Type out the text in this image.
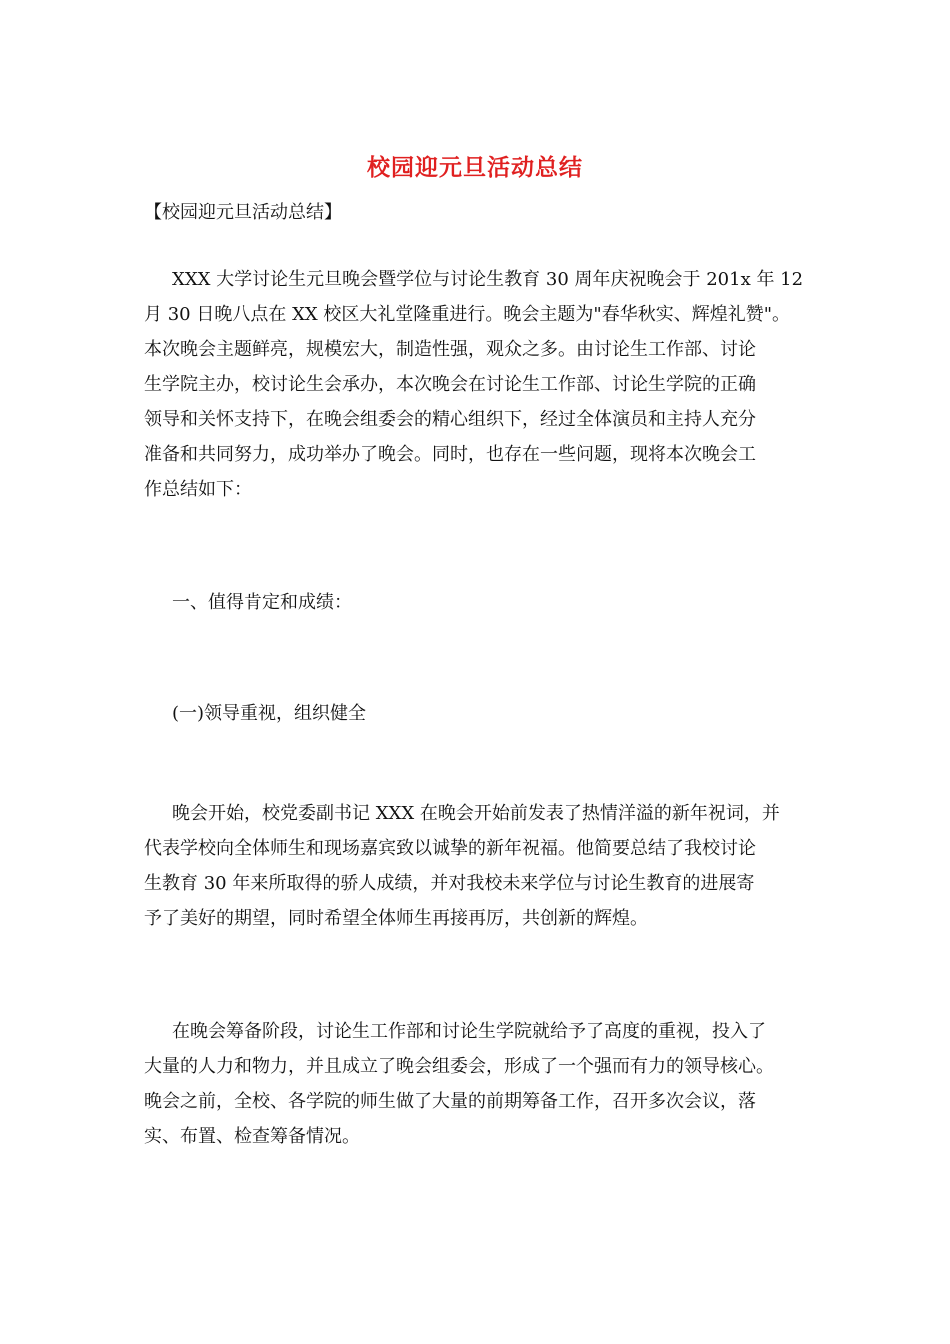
校园迎元旦活动总结
【校园迎元旦活动总结】
XXX 大学讨论生元旦晚会暨学位与讨论生教育 30 周年庆祝晚会于 201x 年 12
月 30 日晚八点在 XX 校区大礼堂隆重进行。晚会主题为"春华秋实、辉煌礼赞"。
本次晚会主题鲜亮，规模宏大，制造性强，观众之多。由讨论生工作部、讨论
生学院主办，校讨论生会承办，本次晚会在讨论生工作部、讨论生学院的正确
领导和关怀支持下，在晚会组委会的精心组织下，经过全体演员和主持人充分
准备和共同努力，成功举办了晚会。同时，也存在一些问题，现将本次晚会工
作总结如下：
一、值得肯定和成绩：
(一)领导重视，组织健全
晚会开始，校党委副书记 XXX 在晚会开始前发表了热情洋溢的新年祝词，并
代表学校向全体师生和现场嘉宾致以诚挚的新年祝福。他简要总结了我校讨论
生教育 30 年来所取得的骄人成绩，并对我校未来学位与讨论生教育的进展寄
予了美好的期望，同时希望全体师生再接再厉，共创新的辉煌。
在晚会筹备阶段，讨论生工作部和讨论生学院就给予了高度的重视，投入了
大量的人力和物力，并且成立了晚会组委会，形成了一个强而有力的领导核心。
晚会之前，全校、各学院的师生做了大量的前期筹备工作，召开多次会议，落
实、布置、检查筹备情况。
